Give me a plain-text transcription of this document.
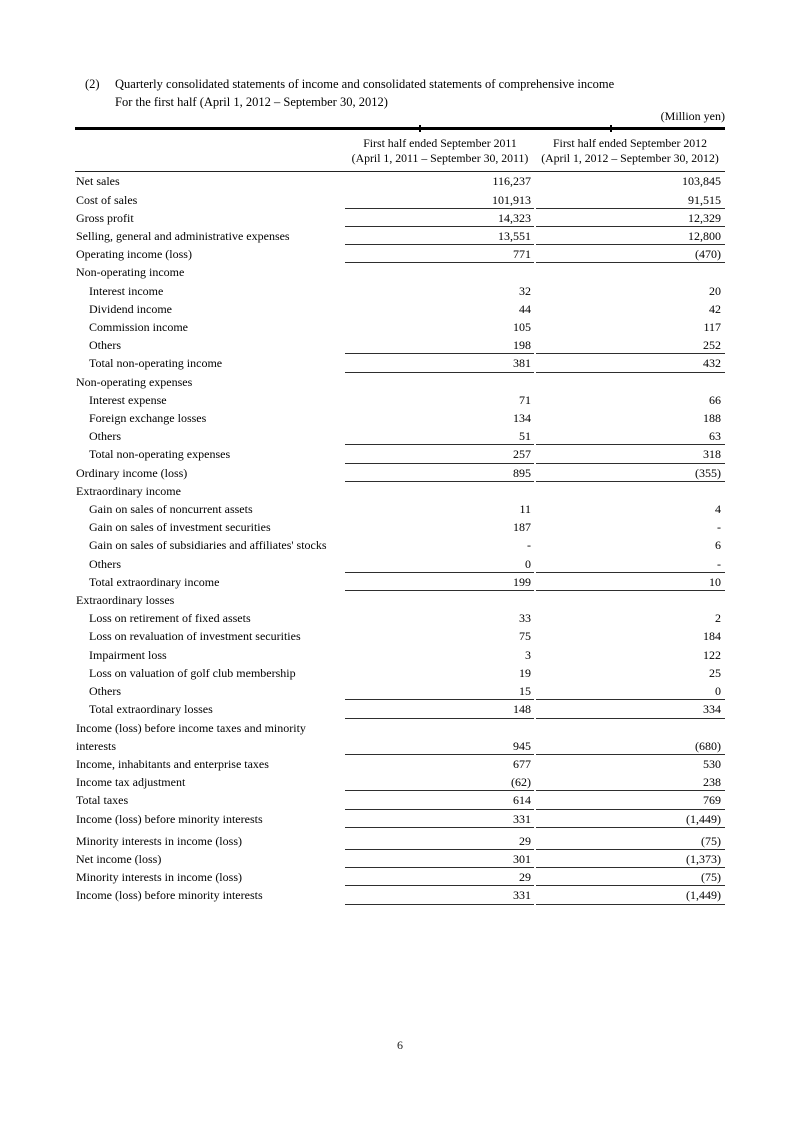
(2)	Quarterly consolidated statements of income and consolidated statements of comprehensive income
For the first half (April 1, 2012 – September 30, 2012)
(Million yen)
First half ended September 2011
(April 1, 2011 – September 30, 2011)
First half ended September 2012
(April 1, 2012 – September 30, 2012)
Net sales	116,237	103,845
Cost of sales	101,913	91,515
Gross profit	14,323	12,329
Selling, general and administrative expenses	13,551	12,800
Operating income (loss)	771	(470)
Non-operating income
Interest income	32	20
Dividend income	44	42
Commission income	105	117
Others	198	252
Total non-operating income	381	432
Non-operating expenses
Interest expense	71	66
Foreign exchange losses	134	188
Others	51	63
Total non-operating expenses	257	318
Ordinary income (loss)	895	(355)
Extraordinary income
Gain on sales of noncurrent assets	11	4
Gain on sales of investment securities	187	-
Gain on sales of subsidiaries and affiliates' stocks	-	6
Others	0	-
Total extraordinary income	199	10
Extraordinary losses
Loss on retirement of fixed assets	33	2
Loss on revaluation of investment securities	75	184
Impairment loss	3	122
Loss on valuation of golf club membership	19	25
Others	15	0
Total extraordinary losses	148	334
Income (loss) before income taxes and minority interests	945	(680)
Income, inhabitants and enterprise taxes	677	530
Income tax adjustment	(62)	238
Total taxes	614	769
Income (loss) before minority interests	331	(1,449)
Minority interests in income (loss)	29	(75)
Net income (loss)	301	(1,373)
Minority interests in income (loss)	29	(75)
Income (loss) before minority interests	331	(1,449)
6
